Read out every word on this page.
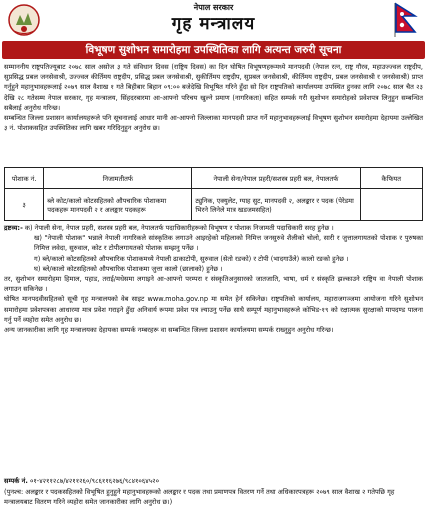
नेपाल सरकार
गृह मन्त्रालय
विभूषण सुशोभन समारोहमा उपस्थितिका लागि अत्यन्त जरुरी सूचना

सम्माननीय राष्ट्रपतिज्यूबाट २०७८ साल असोज ३ गते संविधान दिवस (राष्ट्रिय दिवस) का दिन घोषित विभूषणहरूमध्ये मानपदवी (नेपाल रत्न, राष्ट्र गौरव, महाउज्ज्वल राष्ट्रदीप, सुप्रसिद्ध प्रबल जनसेवाश्री, उज्ज्वल कीर्तिमय राष्ट्रदीप, प्रसिद्ध प्रबल जनसेवाश्री, सुकीर्तिमय राष्ट्रदीप, सुप्रबल जनसेवाश्री, कीर्तिमय राष्ट्रदीप, प्रबल जनसेवाश्री र जनसेवाश्री) प्राप्त गर्नुहुने महानुभावहरूलाई २०७९ साल वैशाख १ गते बिहीबार बिहान ०९:०० बजेदेखि विभूषित गरिने हुँदा सो दिन राष्ट्रपतिको कार्यालयमा उपस्थित हुनका लागि २०७८ साल चैत २३ देखि २८ गतेसम्म नेपाल सरकार, गृह मन्त्रालय, सिंहदरबारमा आ-आफ्नो परिचय खुल्ने प्रमाण (नागरिकता) सहित सम्पर्क गरी सुशोभन समारोहको प्रवेशपत्र लिनुहुन सम्बन्धित सबैलाई अनुरोध गरिन्छ।

सम्बन्धित जिल्ला प्रशासन कार्यालयहरूले पनि सूचनालाई आधार मानी आ-आफ्नो जिल्लाका मानपदवी प्राप्त गर्ने महानुभावहरूलाई विभूषण सुशोभन समारोहमा देहायमा उल्लेखित ३ नं. पोशाकसहित उपस्थितिका लागि खबर गरिदिनुहुन अनुरोध छ।

पोशाक नं.	निजामतीतर्फ	नेपाली सेना/नेपाल प्रहरी/सशस्त्र प्रहरी बल, नेपालतर्फ	कैफियत
३	ब्ले कोट/कालो कोटसहितको औपचारिक पोशाकमा पदकहरू मानपदवी २ र अलङ्कार पदकहरू	ट्युनिक, एक्युलेट, ग्याह सुट, मानपदवी २, अलङ्कार र पदक (पेरेडमा भिरने लिनेले मात्र खडजमसहित)	

द्रष्टव्य:- क) नेपाली सेना, नेपाल प्रहरी, सशस्त्र प्रहरी बल, नेपालतर्फ पदाधिकारीहरूको विभूषण र पोशाक निजामती पदाधिकारी सरह हुनेछ ।

ख) "नेपाली पोशाक" भन्नाले नेपाली नागरिकले सांस्कृतिक लगाउने आइरहेको महिलाको निमित्त जनसुरुवे शैलीको चोलो, सारी र जुत्तालगायतको पोशाक र पुरुषका निमित्त लवेदा, सुरुवाल, कोट र टोपीलगायतको पोशाक सम्झनु पर्नेछ ।

ग) ब्ले/कालो कोटसहितको औपचारिक पोशाकमध्ये नेपाली ढाकाटोपी, सुरुवाल (सेतो रङको) र टोपी (भादगाउँले) कालो रङको हुनेछ ।

घ) ब्ले/कालो कोटसहितको औपचारिक पोशाकमा जुत्ता कालो (छालाको) हुनेछ ।

तर, सुशोभन समारोहमा हिमाल, पहाड, तराई/मधेसमा लगाइने आ-आफ्नो परम्परा र संस्कृतिअनुसारको जातजाति, भाषा, धर्म र संस्कृति झल्काउने राष्ट्रिय वा नेपाली पोशाक लगाउन सकिनेछ ।

घोषित मानपदवीसहितको सूची गृह मन्त्रालयको वेब साइट www.moha.gov.np मा समेत हेर्न सकिनेछ। राष्ट्रपतिको कार्यालय, महाराजगञ्जमा आयोजना गरिने सुशोभन समारोहमा प्रवेशपत्रका आधारमा मात्र प्रवेश गराइने हुँदा अनिवार्य रूपमा प्रवेश पत्र ल्याउनु पर्नेछ साथै सम्पूर्ण महानुभावहरूले कोभिड-१९ को रक्षात्मक सुरक्षाको मापदण्ड पालना गर्नु पर्ने व्यहोरा समेत अनुरोध छ।

अन्य जानकारीका लागि गृह मन्त्रालयका देहायका सम्पर्क नम्बरहरू वा सम्बन्धित जिल्ला प्रशासन कार्यालयमा सम्पर्क राख्नुहुन अनुरोध गरिन्छ।

सम्पर्क नं. ०१-४२११२८७/४२११२६०/९८६११६२७६/९८४१०६४५२०
(पुनश्च: अलङ्कार र पदकसहितको विभूषित हुनुहुने महानुभावहरूको अलङ्कार र पदक तथा प्रमाणपत्र वितरण गर्ने तथा अधिकारपत्रहरू २०७९ साल वैशाख २ गतेपछि गृह मन्त्रालयबाट वितरण गरिने व्यहोरा समेत जानकारीका लागि अनुरोध छ।)
